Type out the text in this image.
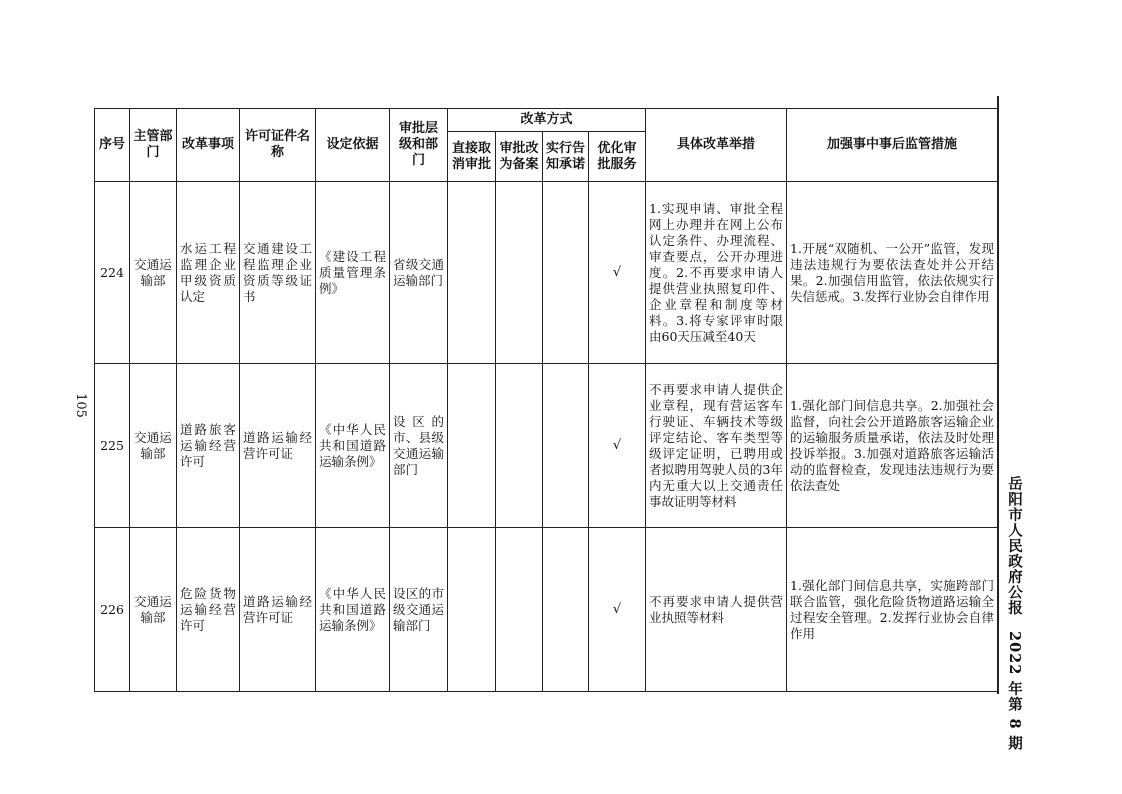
岳阳市人民政府公报　2022 年第 8 期
105
序号	主管部门	改革事项	许可证件名称	设定依据	审批层级和部门	改革方式				具体改革举措	加强事中事后监管措施
						直接取消审批	审批改为备案	实行告知承诺	优化审批服务		
224	交通运输部	水运工程监理企业甲级资质认定	交通建设工程监理企业资质等级证书	《建设工程质量管理条例》	省级交通运输部门				√	1.实现申请、审批全程网上办理并在网上公布认定条件、办理流程、审查要点，公开办理进度。2.不再要求申请人提供营业执照复印件、企业章程和制度等材料。3.将专家评审时限由60天压减至40天	1.开展“双随机、一公开”监管，发现违法违规行为要依法查处并公开结果。2.加强信用监管，依法依规实行失信惩戒。3.发挥行业协会自律作用
225	交通运输部	道路旅客运输经营许可	道路运输经营许可证	《中华人民共和国道路运输条例》	设区的市、县级交通运输部门				√	不再要求申请人提供企业章程，现有营运客车行驶证、车辆技术等级评定结论、客车类型等级评定证明，已聘用或者拟聘用驾驶人员的3年内无重大以上交通责任事故证明等材料	1.强化部门间信息共享。2.加强社会监督，向社会公开道路旅客运输企业的运输服务质量承诺，依法及时处理投诉举报。3.加强对道路旅客运输活动的监督检查，发现违法违规行为要依法查处
226	交通运输部	危险货物运输经营许可	道路运输经营许可证	《中华人民共和国道路运输条例》	设区的市级交通运输部门				√	不再要求申请人提供营业执照等材料	1.强化部门间信息共享，实施跨部门联合监管，强化危险货物道路运输全过程安全管理。2.发挥行业协会自律作用
